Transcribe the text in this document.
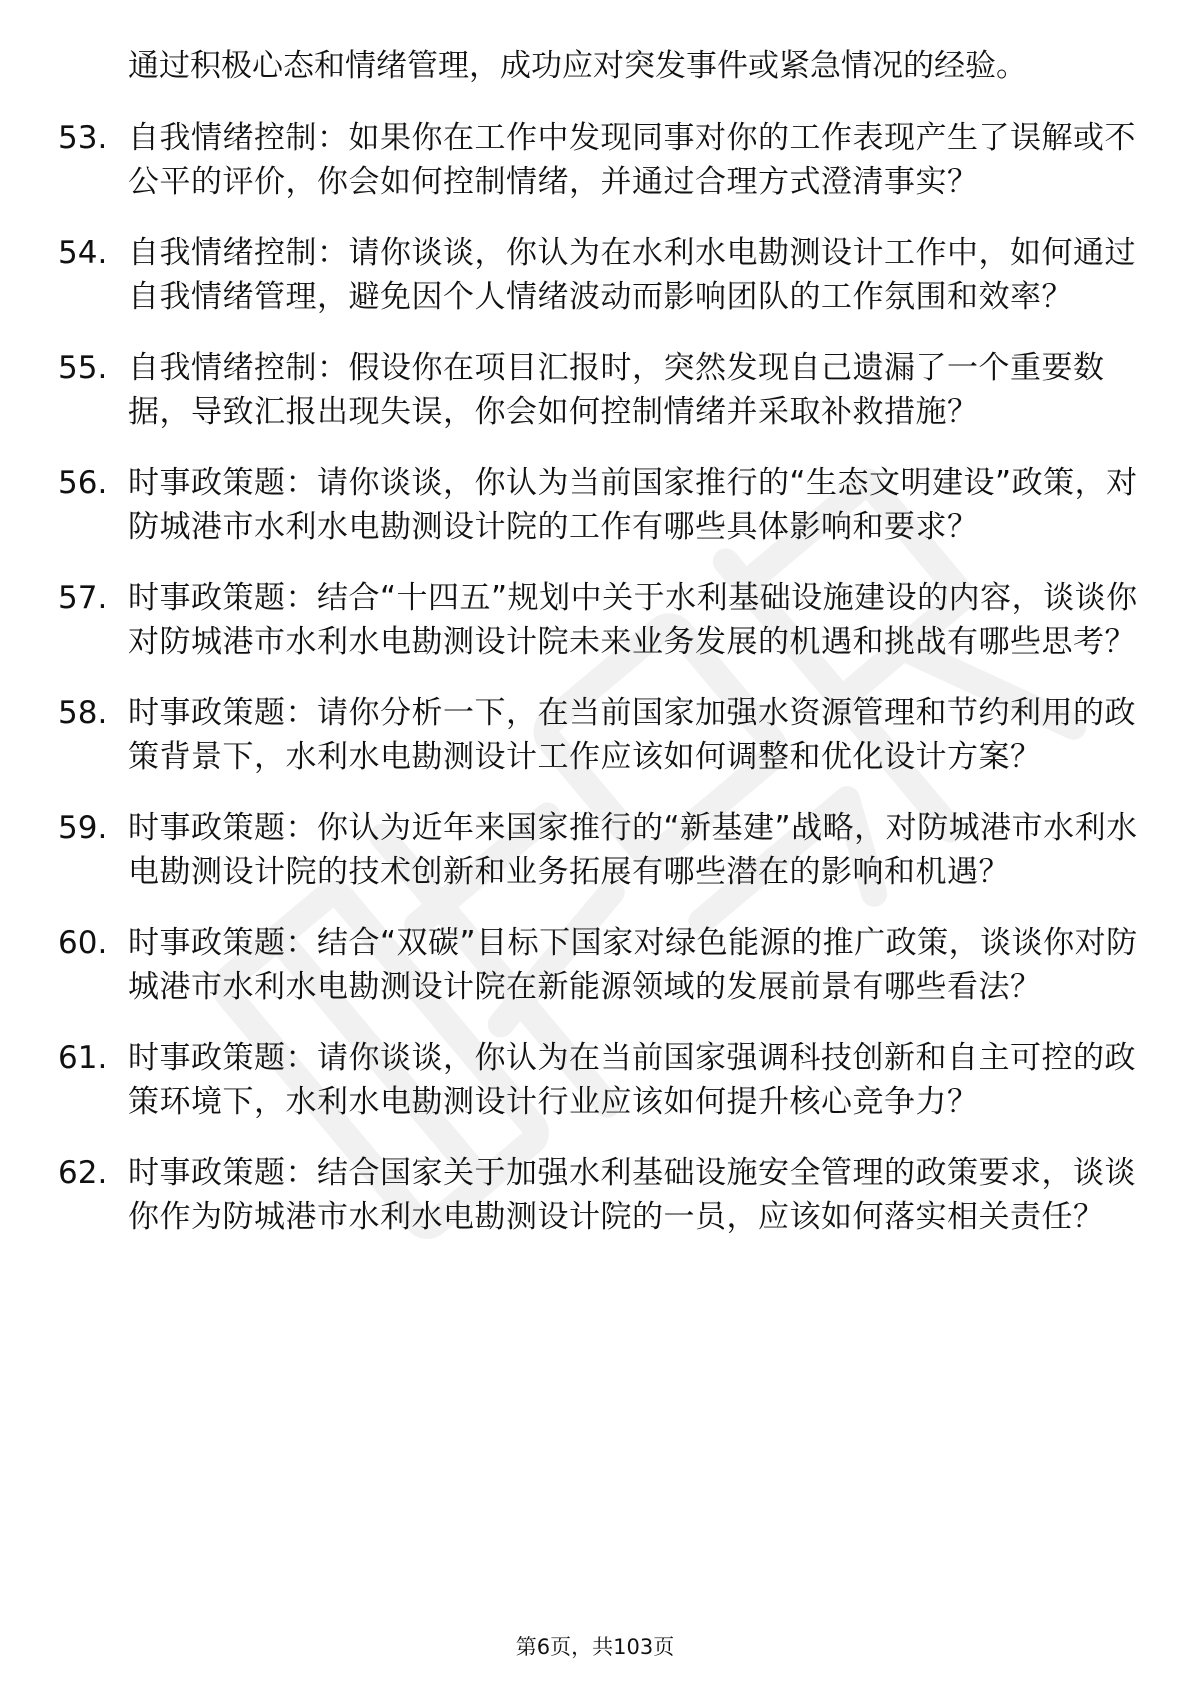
通过积极心态和情绪管理，成功应对突发事件或紧急情况的经验。
53. 自我情绪控制：如果你在工作中发现同事对你的工作表现产生了误解或不公平的评价，你会如何控制情绪，并通过合理方式澄清事实？
54. 自我情绪控制：请你谈谈，你认为在水利水电勘测设计工作中，如何通过自我情绪管理，避免因个人情绪波动而影响团队的工作氛围和效率？
55. 自我情绪控制：假设你在项目汇报时，突然发现自己遗漏了一个重要数据，导致汇报出现失误，你会如何控制情绪并采取补救措施？
56. 时事政策题：请你谈谈，你认为当前国家推行的“生态文明建设”政策，对防城港市水利水电勘测设计院的工作有哪些具体影响和要求？
57. 时事政策题：结合“十四五”规划中关于水利基础设施建设的内容，谈谈你对防城港市水利水电勘测设计院未来业务发展的机遇和挑战有哪些思考？
58. 时事政策题：请你分析一下，在当前国家加强水资源管理和节约利用的政策背景下，水利水电勘测设计工作应该如何调整和优化设计方案？
59. 时事政策题：你认为近年来国家推行的“新基建”战略，对防城港市水利水电勘测设计院的技术创新和业务拓展有哪些潜在的影响和机遇？
60. 时事政策题：结合“双碳”目标下国家对绿色能源的推广政策，谈谈你对防城港市水利水电勘测设计院在新能源领域的发展前景有哪些看法？
61. 时事政策题：请你谈谈，你认为在当前国家强调科技创新和自主可控的政策环境下，水利水电勘测设计行业应该如何提升核心竞争力？
62. 时事政策题：结合国家关于加强水利基础设施安全管理的政策要求，谈谈你作为防城港市水利水电勘测设计院的一员，应该如何落实相关责任？
第6页，共103页
